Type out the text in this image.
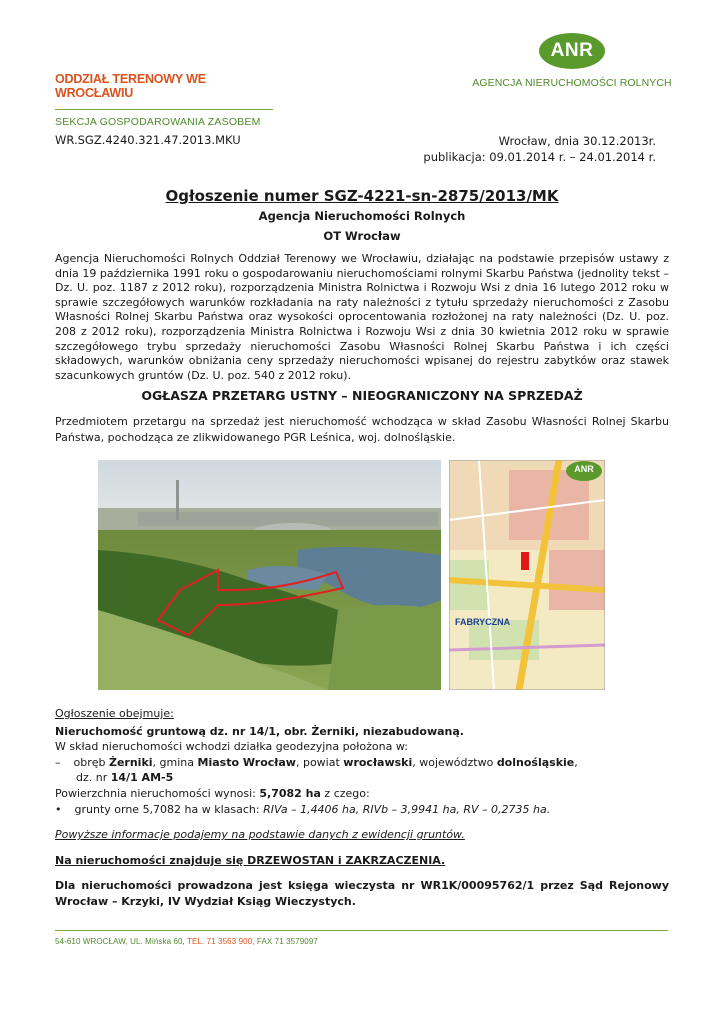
ODDZIAŁ TERENOWY WE WROCŁAWIU
SEKCJA GOSPODAROWANIA ZASOBEM
ANR
AGENCJA NIERUCHOMOŚCI ROLNYCH
WR.SGZ.4240.321.47.2013.MKU	Wrocław, dnia 30.12.2013r.
publikacja: 09.01.2014 r. – 24.01.2014 r.
Ogłoszenie numer SGZ-4221-sn-2875/2013/MK
Agencja Nieruchomości Rolnych
OT Wrocław
Agencja Nieruchomości Rolnych Oddział Terenowy we Wrocławiu, działając na podstawie przepisów ustawy z dnia 19 października 1991 roku o gospodarowaniu nieruchomościami rolnymi Skarbu Państwa (jednolity tekst – Dz. U. poz. 1187 z 2012 roku), rozporządzenia Ministra Rolnictwa i Rozwoju Wsi z dnia 16 lutego 2012 roku w sprawie szczegółowych warunków rozkładania na raty należności z tytułu sprzedaży nieruchomości z Zasobu Własności Rolnej Skarbu Państwa oraz wysokości oprocentowania rozłożonej na raty należności (Dz. U. poz. 208 z 2012 roku), rozporządzenia Ministra Rolnictwa i Rozwoju Wsi z dnia 30 kwietnia 2012 roku w sprawie szczegółowego trybu sprzedaży nieruchomości Zasobu Własności Rolnej Skarbu Państwa i ich części składowych, warunków obniżania ceny sprzedaży nieruchomości wpisanej do rejestru zabytków oraz stawek szacunkowych gruntów (Dz. U. poz. 540 z 2012 roku).
OGŁASZA PRZETARG USTNY – NIEOGRANICZONY NA SPRZEDAŻ
Przedmiotem przetargu na sprzedaż jest nieruchomość wchodząca w skład Zasobu Własności Rolnej Skarbu Państwa, pochodząca ze zlikwidowanego PGR Leśnica, woj. dolnośląskie.
ANR
FABRYCZNA
Ogłoszenie obejmuje:
Nieruchomość gruntową dz. nr 14/1, obr. Żerniki, niezabudowaną.
W skład nieruchomości wchodzi działka geodezyjna położona w:
– obręb Żerniki, gmina Miasto Wrocław, powiat wrocławski, województwo dolnośląskie,
dz. nr 14/1 AM-5
Powierzchnia nieruchomości wynosi: 5,7082 ha z czego:
• grunty orne 5,7082 ha w klasach: RIVa – 1,4406 ha, RIVb – 3,9941 ha, RV – 0,2735 ha.
Powyższe informacje podajemy na podstawie danych z ewidencji gruntów.
Na nieruchomości znajduje się DRZEWOSTAN i ZAKRZACZENIA.
Dla nieruchomości prowadzona jest księga wieczysta nr WR1K/00095762/1 przez Sąd Rejonowy Wrocław – Krzyki, IV Wydział Ksiąg Wieczystych.
54-610 WROCŁAW, UL. Mińska 60, TEL. 71 3563 900, FAX 71 3579097
